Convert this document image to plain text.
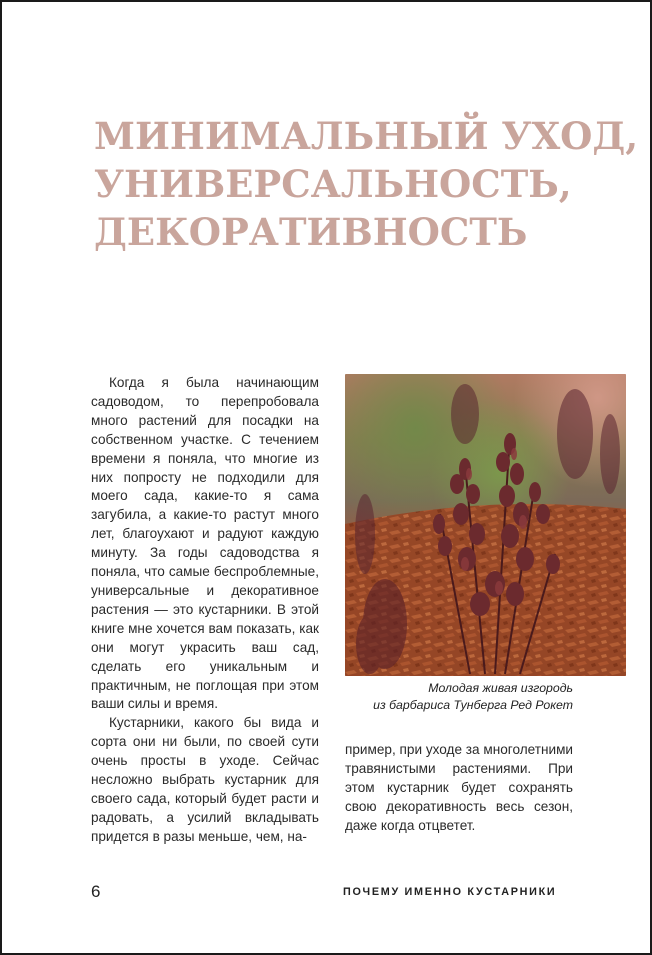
МИНИМАЛЬНЫЙ УХОД,
УНИВЕРСАЛЬНОСТЬ,
ДЕКОРАТИВНОСТЬ

Когда я была начинающим садоводом, то перепробовала много растений для посадки на собственном участке. С течением времени я поняла, что многие из них попросту не подходили для моего сада, какие-то я сама загубила, а какие-то растут много лет, благоухают и радуют каждую минуту. За годы садоводства я поняла, что самые беспроблемные, универсальные и декоративное растения — это кустарники. В этой книге мне хочется вам показать, как они могут украсить ваш сад, сделать его уникальным и практичным, не поглощая при этом ваши силы и время.

Кустарники, какого бы вида и сорта они ни были, по своей сути очень просты в уходе. Сейчас несложно выбрать кустарник для своего сада, который будет расти и радовать, а усилий вкладывать придется в разы меньше, чем, на-

Молодая живая изгородь
из барбариса Тунберга Ред Рокет

пример, при уходе за многолетними травянистыми растениями. При этом кустарник будет сохранять свою декоративность весь сезон, даже когда отцветет.

6	ПОЧЕМУ ИМЕННО КУСТАРНИКИ
